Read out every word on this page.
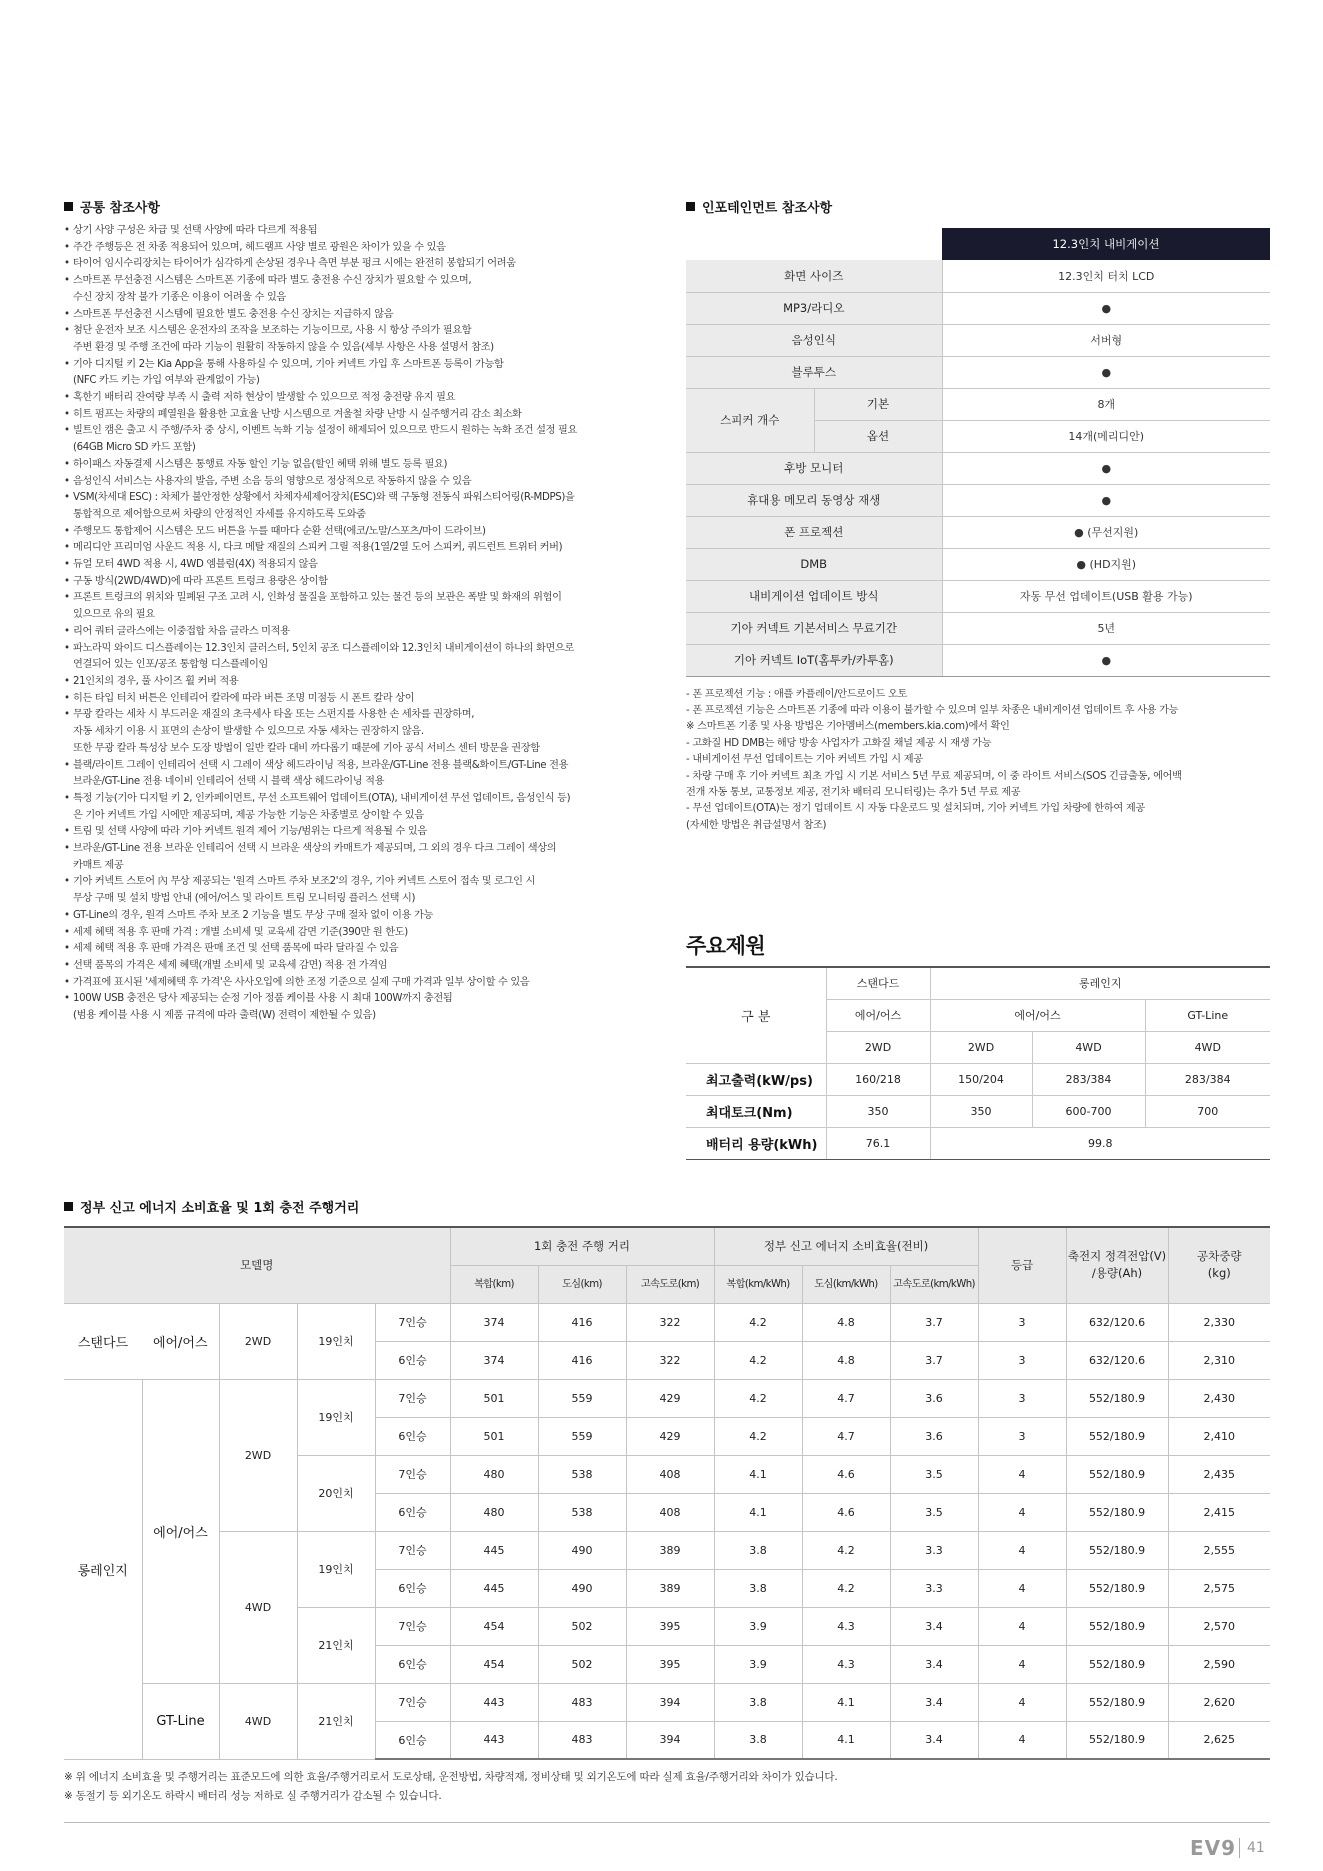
공통 참조사항
• 상기 사양 구성은 차급 및 선택 사양에 따라 다르게 적용됨
• 주간 주행등은 전 차종 적용되어 있으며, 헤드램프 사양 별로 광원은 차이가 있을 수 있음
• 타이어 임시수리장치는 타이어가 심각하게 손상된 경우나 측면 부분 펑크 시에는 완전히 봉합되기 어려움
• 스마트폰 무선충전 시스템은 스마트폰 기종에 따라 별도 충전용 수신 장치가 필요할 수 있으며,
수신 장치 장착 불가 기종은 이용이 어려울 수 있음
• 스마트폰 무선충전 시스템에 필요한 별도 충전용 수신 장치는 지급하지 않음
• 첨단 운전자 보조 시스템은 운전자의 조작을 보조하는 기능이므로, 사용 시 항상 주의가 필요함
주변 환경 및 주행 조건에 따라 기능이 원활히 작동하지 않을 수 있음(세부 사항은 사용 설명서 참조)
• 기아 디지털 키 2는 Kia App을 통해 사용하실 수 있으며, 기아 커넥트 가입 후 스마트폰 등록이 가능함
(NFC 카드 키는 가입 여부와 관계없이 가능)
• 혹한기 배터리 잔여량 부족 시 출력 저하 현상이 발생할 수 있으므로 적정 충전량 유지 필요
• 히트 펌프는 차량의 폐열원을 활용한 고효율 난방 시스템으로 겨울철 차량 난방 시 실주행거리 감소 최소화
• 빌트인 캠은 출고 시 주행/주차 중 상시, 이벤트 녹화 기능 설정이 해제되어 있으므로 반드시 원하는 녹화 조건 설정 필요
(64GB Micro SD 카드 포함)
• 하이패스 자동결제 시스템은 통행료 자동 할인 기능 없음(할인 혜택 위해 별도 등록 필요)
• 음성인식 서비스는 사용자의 발음, 주변 소음 등의 영향으로 정상적으로 작동하지 않을 수 있음
• VSM(차세대 ESC) : 차체가 불안정한 상황에서 차체자세제어장치(ESC)와 랙 구동형 전동식 파워스티어링(R-MDPS)을
통합적으로 제어함으로써 차량의 안정적인 자세를 유지하도록 도와줌
• 주행모드 통합제어 시스템은 모드 버튼을 누를 때마다 순환 선택(에코/노말/스포츠/마이 드라이브)
• 메리디안 프리미엄 사운드 적용 시, 다크 메탈 재질의 스피커 그릴 적용(1열/2열 도어 스피커, 쿼드런트 트위터 커버)
• 듀얼 모터 4WD 적용 시, 4WD 엠블럼(4X) 적용되지 않음
• 구동 방식(2WD/4WD)에 따라 프론트 트렁크 용량은 상이함
• 프론트 트렁크의 위치와 밀폐된 구조 고려 시, 인화성 물질을 포함하고 있는 물건 등의 보관은 폭발 및 화재의 위험이
있으므로 유의 필요
• 리어 쿼터 글라스에는 이중접합 차음 글라스 미적용
• 파노라믹 와이드 디스플레이는 12.3인치 클러스터, 5인치 공조 디스플레이와 12.3인치 내비게이션이 하나의 화면으로
연결되어 있는 인포/공조 통합형 디스플레이임
• 21인치의 경우, 풀 사이즈 휠 커버 적용
• 히든 타입 터치 버튼은 인테리어 칼라에 따라 버튼 조명 미점등 시 폰트 칼라 상이
• 무광 칼라는 세차 시 부드러운 재질의 초극세사 타올 또는 스펀지를 사용한 손 세차를 권장하며,
자동 세차기 이용 시 표면의 손상이 발생할 수 있으므로 자동 세차는 권장하지 않음.
또한 무광 칼라 특성상 보수 도장 방법이 일반 칼라 대비 까다롭기 때문에 기아 공식 서비스 센터 방문을 권장함
• 블랙/라이트 그레이 인테리어 선택 시 그레이 색상 헤드라이닝 적용, 브라운/GT-Line 전용 블랙&화이트/GT-Line 전용
브라운/GT-Line 전용 네이비 인테리어 선택 시 블랙 색상 헤드라이닝 적용
• 특정 기능(기아 디지털 키 2, 인카페이먼트, 무선 소프트웨어 업데이트(OTA), 내비게이션 무선 업데이트, 음성인식 등)
은 기아 커넥트 가입 시에만 제공되며, 제공 가능한 기능은 차종별로 상이할 수 있음
• 트림 및 선택 사양에 따라 기아 커넥트 원격 제어 기능/범위는 다르게 적용될 수 있음
• 브라운/GT-Line 전용 브라운 인테리어 선택 시 브라운 색상의 카매트가 제공되며, 그 외의 경우 다크 그레이 색상의
카매트 제공
• 기아 커넥트 스토어 內 무상 제공되는 '원격 스마트 주차 보조2'의 경우, 기아 커넥트 스토어 접속 및 로그인 시
무상 구매 및 설치 방법 안내 (에어/어스 및 라이트 트림 모니터링 플러스 선택 시)
• GT-Line의 경우, 원격 스마트 주차 보조 2 기능을 별도 무상 구매 절차 없이 이용 가능
• 세제 혜택 적용 후 판매 가격 : 개별 소비세 및 교육세 감면 기준(390만 원 한도)
• 세제 혜택 적용 후 판매 가격은 판매 조건 및 선택 품목에 따라 달라질 수 있음
• 선택 품목의 가격은 세제 혜택(개별 소비세 및 교육세 감면) 적용 전 가격임
• 가격표에 표시된 '세제혜택 후 가격'은 사사오입에 의한 조정 기준으로 실제 구매 가격과 일부 상이할 수 있음
• 100W USB 충전은 당사 제공되는 순정 기아 정품 케이블 사용 시 최대 100W까지 충전됨
(범용 케이블 사용 시 제품 규격에 따라 출력(W) 전력이 제한될 수 있음)
인포테인먼트 참조사항
		12.3인치 내비게이션
화면 사이즈		12.3인치 터치 LCD
MP3/라디오		●
음성인식		서버형
블루투스		●
스피커 개수	기본	8개
	옵션	14개(메리디안)
후방 모니터		●
휴대용 메모리 동영상 재생		●
폰 프로젝션		● (무선지원)
DMB		● (HD지원)
내비게이션 업데이트 방식		자동 무선 업데이트(USB 활용 가능)
기아 커넥트 기본서비스 무료기간		5년
기아 커넥트 IoT(홈투카/카투홈)		●
- 폰 프로젝션 기능 : 애플 카플레이/안드로이드 오토
- 폰 프로젝션 기능은 스마트폰 기종에 따라 이용이 불가할 수 있으며 일부 차종은 내비게이션 업데이트 후 사용 가능
※ 스마트폰 기종 및 사용 방법은 기아멤버스(members.kia.com)에서 확인
- 고화질 HD DMB는 해당 방송 사업자가 고화질 채널 제공 시 재생 가능
- 내비게이션 무선 업데이트는 기아 커넥트 가입 시 제공
- 차량 구매 후 기아 커넥트 최초 가입 시 기본 서비스 5년 무료 제공되며, 이 중 라이트 서비스(SOS 긴급출동, 에어백
전개 자동 통보, 교통정보 제공, 전기차 배터리 모니터링)는 추가 5년 무료 제공
- 무선 업데이트(OTA)는 정기 업데이트 시 자동 다운로드 및 설치되며, 기아 커넥트 가입 차량에 한하여 제공
(자세한 방법은 취급설명서 참조)
주요제원
구 분	스탠다드	롱레인지		
	에어/어스	에어/어스		GT-Line
	2WD	2WD	4WD	4WD
최고출력(kW/ps)	160/218	150/204	283/384	283/384
최대토크(Nm)	350	350	600-700	700
배터리 용량(kWh)	76.1	99.8		
정부 신고 에너지 소비효율 및 1회 충전 주행거리
모델명					1회 충전 주행 거리			정부 신고 에너지 소비효율(전비)			등급	축전지 정격전압(V)
/용량(Ah)	공차중량
(kg)
					복합(km)	도심(km)	고속도로(km)	복합(km/kWh)	도심(km/kWh)	고속도로(km/kWh)			
스탠다드	에어/어스	2WD	19인치	7인승	374	416	322	4.2	4.8	3.7	3	632/120.6	2,330
				6인승	374	416	322	4.2	4.8	3.7	3	632/120.6	2,310
롱레인지	에어/어스	2WD	19인치	7인승	501	559	429	4.2	4.7	3.6	3	552/180.9	2,430
				6인승	501	559	429	4.2	4.7	3.6	3	552/180.9	2,410
			20인치	7인승	480	538	408	4.1	4.6	3.5	4	552/180.9	2,435
				6인승	480	538	408	4.1	4.6	3.5	4	552/180.9	2,415
		4WD	19인치	7인승	445	490	389	3.8	4.2	3.3	4	552/180.9	2,555
				6인승	445	490	389	3.8	4.2	3.3	4	552/180.9	2,575
			21인치	7인승	454	502	395	3.9	4.3	3.4	4	552/180.9	2,570
				6인승	454	502	395	3.9	4.3	3.4	4	552/180.9	2,590
	GT-Line	4WD	21인치	7인승	443	483	394	3.8	4.1	3.4	4	552/180.9	2,620
				6인승	443	483	394	3.8	4.1	3.4	4	552/180.9	2,625

※ 위 에너지 소비효율 및 주행거리는 표준모드에 의한 효율/주행거리로서 도로상태, 운전방법, 차량적재, 정비상태 및 외기온도에 따라 실제 효율/주행거리와 차이가 있습니다.

※ 동절기 등 외기온도 하락시 배터리 성능 저하로 실 주행거리가 감소될 수 있습니다.

EV9 41
